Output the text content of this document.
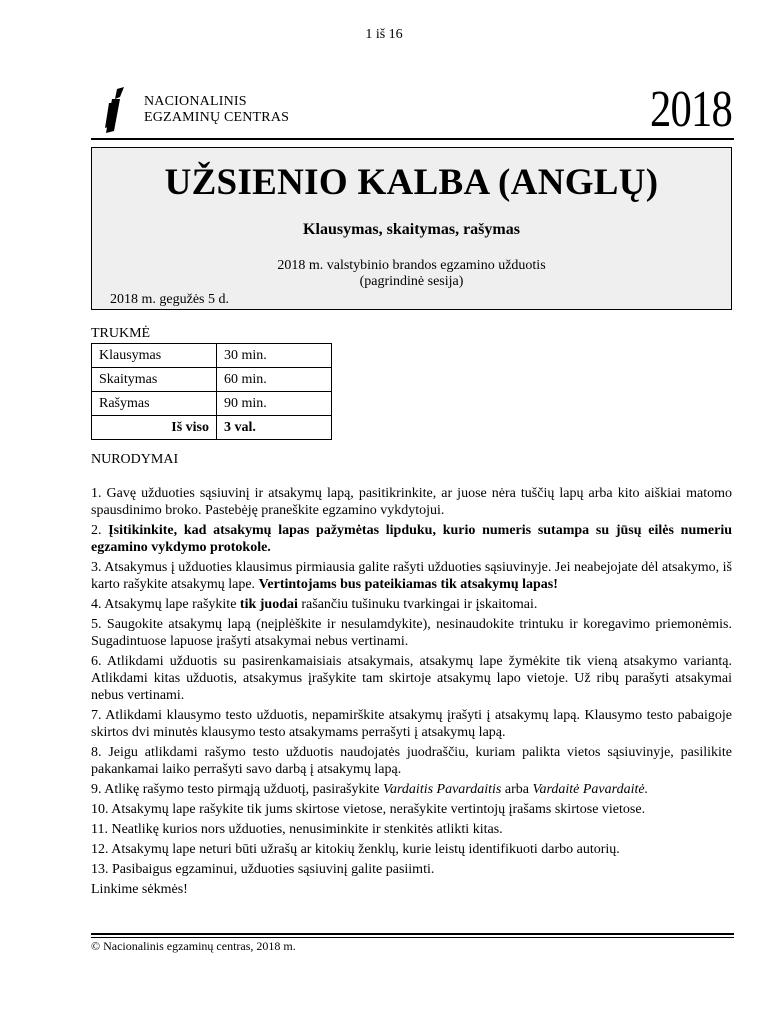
1 iš 16
NACIONALINIS
EGZAMINŲ CENTRAS	2018
UŽSIENIO KALBA (ANGLŲ)
Klausymas, skaitymas, rašymas
2018 m. valstybinio brandos egzamino užduotis
(pagrindinė sesija)
2018 m. gegužės 5 d.
TRUKMĖ
Klausymas	30 min.
Skaitymas	60 min.
Rašymas	90 min.
Iš viso	3 val.
NURODYMAI

1. Gavę užduoties sąsiuvinį ir atsakymų lapą, pasitikrinkite, ar juose nėra tuščių lapų arba kito aiškiai matomo spausdinimo broko. Pastebėję praneškite egzamino vykdytojui.

2. Įsitikinkite, kad atsakymų lapas pažymėtas lipduku, kurio numeris sutampa su jūsų eilės numeriu egzamino vykdymo protokole.

3. Atsakymus į užduoties klausimus pirmiausia galite rašyti užduoties sąsiuvinyje. Jei neabejojate dėl atsakymo, iš karto rašykite atsakymų lape. Vertintojams bus pateikiamas tik atsakymų lapas!

4. Atsakymų lape rašykite tik juodai rašančiu tušinuku tvarkingai ir įskaitomai.

5. Saugokite atsakymų lapą (neįplėškite ir nesulamdykite), nesinaudokite trintuku ir koregavimo priemonėmis. Sugadintuose lapuose įrašyti atsakymai nebus vertinami.

6. Atlikdami užduotis su pasirenkamaisiais atsakymais, atsakymų lape žymėkite tik vieną atsakymo variantą. Atlikdami kitas užduotis, atsakymus įrašykite tam skirtoje atsakymų lapo vietoje. Už ribų parašyti atsakymai nebus vertinami.

7. Atlikdami klausymo testo užduotis, nepamirškite atsakymų įrašyti į atsakymų lapą. Klausymo testo pabaigoje skirtos dvi minutės klausymo testo atsakymams perrašyti į atsakymų lapą.

8. Jeigu atlikdami rašymo testo užduotis naudojatės juodraščiu, kuriam palikta vietos sąsiuvinyje, pasilikite pakankamai laiko perrašyti savo darbą į atsakymų lapą.

9. Atlikę rašymo testo pirmąją užduotį, pasirašykite Vardaitis Pavardaitis arba Vardaitė Pavardaitė.

10. Atsakymų lape rašykite tik jums skirtose vietose, nerašykite vertintojų įrašams skirtose vietose.

11. Neatlikę kurios nors užduoties, nenusiminkite ir stenkitės atlikti kitas.

12. Atsakymų lape neturi būti užrašų ar kitokių ženklų, kurie leistų identifikuoti darbo autorių.

13. Pasibaigus egzaminui, užduoties sąsiuvinį galite pasiimti.

Linkime sėkmės!

© Nacionalinis egzaminų centras, 2018 m.
